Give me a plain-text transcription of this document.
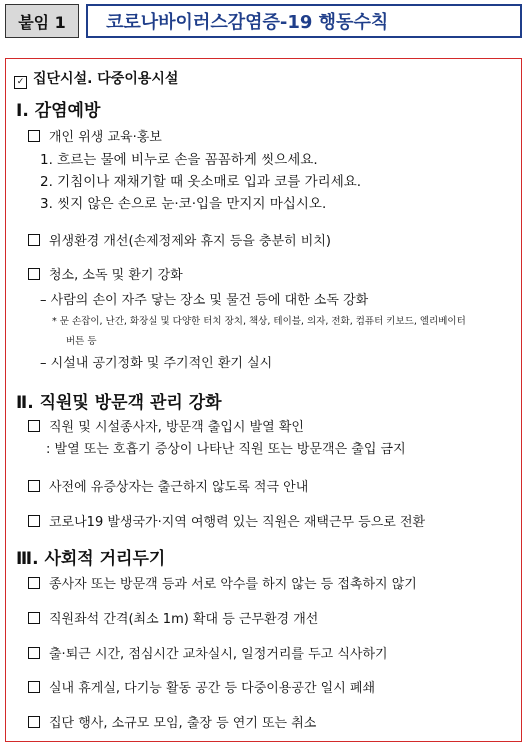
붙임 1	코로나바이러스감염증-19 행동수칙
✓ 집단시설. 다중이용시설
Ⅰ. 감염예방
개인 위생 교육·홍보
1. 흐르는 물에 비누로 손을 꼼꼼하게 씻으세요.
2. 기침이나 재채기할 때 옷소매로 입과 코를 가리세요.
3. 씻지 않은 손으로 눈·코·입을 만지지 마십시오.
위생환경 개선(손제정제와 휴지 등을 충분히 비치)
청소, 소독 및 환기 강화
– 사람의 손이 자주 닿는 장소 및 물건 등에 대한 소독 강화
* 문 손잡이, 난간, 화장실 및 다양한 터치 장치, 책상, 테이블, 의자, 전화, 컴퓨터 키보드, 엘리베이터
버튼 등
– 시설내 공기정화 및 주기적인 환기 실시
Ⅱ. 직원및 방문객 관리 강화
직원 및 시설종사자, 방문객 출입시 발열 확인
: 발열 또는 호흡기 증상이 나타난 직원 또는 방문객은 출입 금지
사전에 유증상자는 출근하지 않도록 적극 안내
코로나19 발생국가·지역 여행력 있는 직원은 재택근무 등으로 전환
Ⅲ. 사회적 거리두기
종사자 또는 방문객 등과 서로 악수를 하지 않는 등 접촉하지 않기
직원좌석 간격(최소 1m) 확대 등 근무환경 개선
출·퇴근 시간, 점심시간 교차실시, 일정거리를 두고 식사하기
실내 휴게실, 다기능 활동 공간 등 다중이용공간 일시 폐쇄
집단 행사, 소규모 모임, 출장 등 연기 또는 취소
